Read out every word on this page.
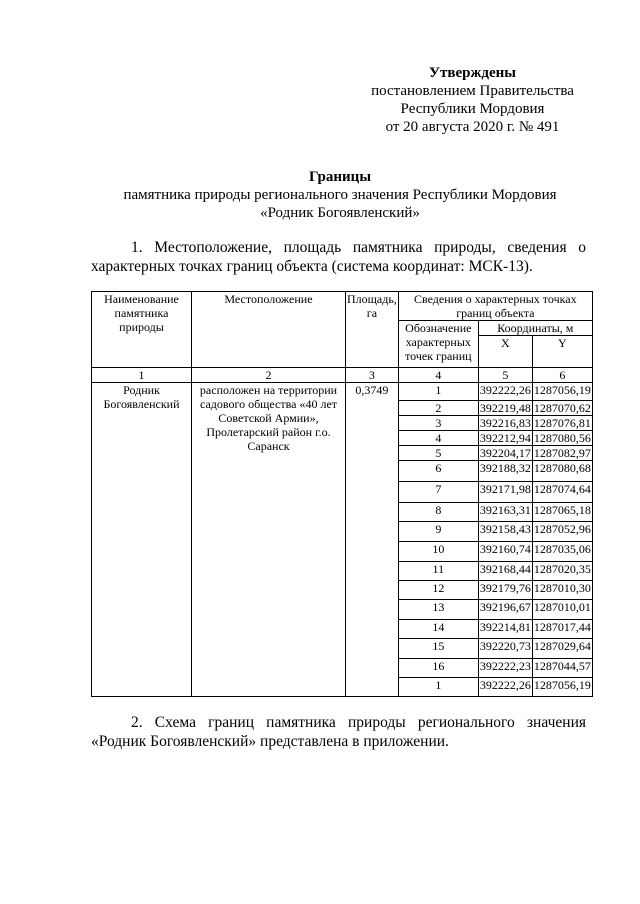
Утверждены
постановлением Правительства
Республики Мордовия
от 20 августа 2020 г. № 491
Границы
памятника природы регионального значения Республики Мордовия
«Родник Богоявленский»
1. Местоположение, площадь памятника природы, сведения о характерных точках границ объекта (система координат: МСК-13).
Наименование памятника природы	Местоположение	Площадь, га	Сведения о характерных точках границ объекта		
			Обозначение характерных точек границ	Координаты, м	
				X	Y
1	2	3	4	5	6
Родник Богоявленский	расположен на территории садового общества «40 лет Советской Армии», Пролетарский район г.о. Саранск	0,3749	1	392222,26	1287056,19
			2	392219,48	1287070,62
			3	392216,83	1287076,81
			4	392212,94	1287080,56
			5	392204,17	1287082,97
			6	392188,32	1287080,68
			7	392171,98	1287074,64
			8	392163,31	1287065,18
			9	392158,43	1287052,96
			10	392160,74	1287035,06
			11	392168,44	1287020,35
			12	392179,76	1287010,30
			13	392196,67	1287010,01
			14	392214,81	1287017,44
			15	392220,73	1287029,64
			16	392222,23	1287044,57
			1	392222,26	1287056,19
2. Схема границ памятника природы регионального значения «Родник Богоявленский» представлена в приложении.
